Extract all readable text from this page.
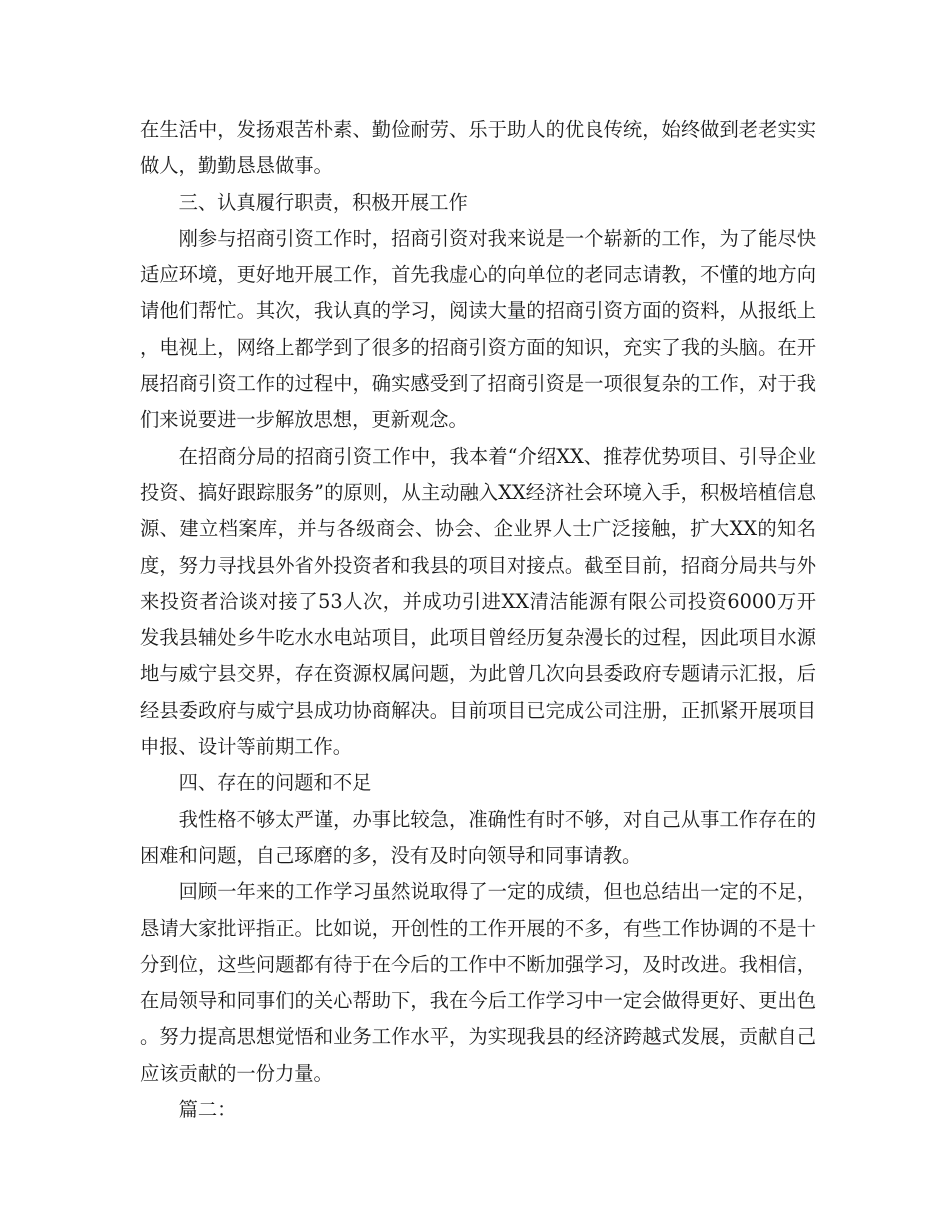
在生活中，发扬艰苦朴素、勤俭耐劳、乐于助人的优良传统，始终做到老老实实做人，勤勤恳恳做事。

三、认真履行职责，积极开展工作

刚参与招商引资工作时，招商引资对我来说是一个崭新的工作，为了能尽快适应环境，更好地开展工作，首先我虚心的向单位的老同志请教，不懂的地方向请他们帮忙。其次，我认真的学习，阅读大量的招商引资方面的资料，从报纸上，电视上，网络上都学到了很多的招商引资方面的知识，充实了我的头脑。在开展招商引资工作的过程中，确实感受到了招商引资是一项很复杂的工作，对于我们来说要进一步解放思想，更新观念。

在招商分局的招商引资工作中，我本着“介绍XX、推荐优势项目、引导企业投资、搞好跟踪服务”的原则，从主动融入XX经济社会环境入手，积极培植信息源、建立档案库，并与各级商会、协会、企业界人士广泛接触，扩大XX的知名度，努力寻找县外省外投资者和我县的项目对接点。截至目前，招商分局共与外来投资者洽谈对接了53人次，并成功引进XX清洁能源有限公司投资6000万开发我县辅处乡牛吃水水电站项目，此项目曾经历复杂漫长的过程，因此项目水源地与威宁县交界，存在资源权属问题，为此曾几次向县委政府专题请示汇报，后经县委政府与威宁县成功协商解决。目前项目已完成公司注册，正抓紧开展项目申报、设计等前期工作。

四、存在的问题和不足

我性格不够太严谨，办事比较急，准确性有时不够，对自己从事工作存在的困难和问题，自己琢磨的多，没有及时向领导和同事请教。

回顾一年来的工作学习虽然说取得了一定的成绩，但也总结出一定的不足，恳请大家批评指正。比如说，开创性的工作开展的不多，有些工作协调的不是十分到位，这些问题都有待于在今后的工作中不断加强学习，及时改进。我相信，在局领导和同事们的关心帮助下，我在今后工作学习中一定会做得更好、更出色。努力提高思想觉悟和业务工作水平，为实现我县的经济跨越式发展，贡献自己应该贡献的一份力量。

篇二：
